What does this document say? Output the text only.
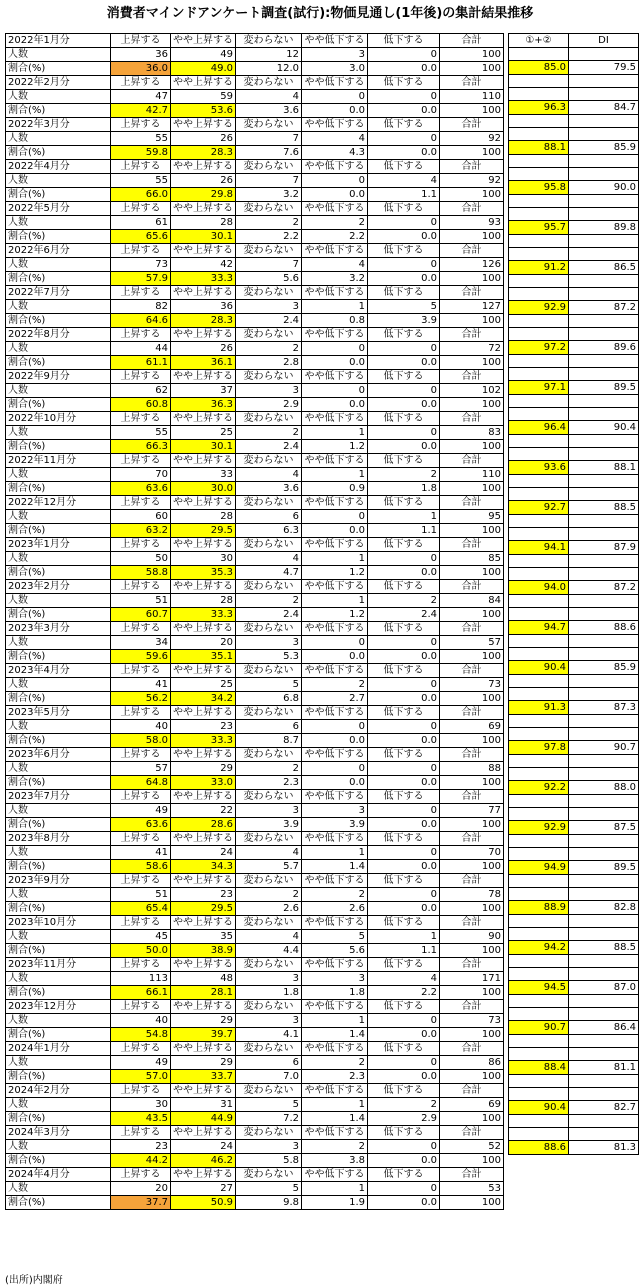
消費者マインドアンケート調査(試行):物価見通し(1年後)の集計結果推移
2022年1月分	上昇する	やや上昇する	変わらない	やや低下する	低下する	合計
人数	36	49	12	3	0	100
割合(%)	36.0	49.0	12.0	3.0	0.0	100
2022年2月分	上昇する	やや上昇する	変わらない	やや低下する	低下する	合計
人数	47	59	4	0	0	110
割合(%)	42.7	53.6	3.6	0.0	0.0	100
2022年3月分	上昇する	やや上昇する	変わらない	やや低下する	低下する	合計
人数	55	26	7	4	0	92
割合(%)	59.8	28.3	7.6	4.3	0.0	100
2022年4月分	上昇する	やや上昇する	変わらない	やや低下する	低下する	合計
人数	55	26	7	0	4	92
割合(%)	66.0	29.8	3.2	0.0	1.1	100
2022年5月分	上昇する	やや上昇する	変わらない	やや低下する	低下する	合計
人数	61	28	2	2	0	93
割合(%)	65.6	30.1	2.2	2.2	0.0	100
2022年6月分	上昇する	やや上昇する	変わらない	やや低下する	低下する	合計
人数	73	42	7	4	0	126
割合(%)	57.9	33.3	5.6	3.2	0.0	100
2022年7月分	上昇する	やや上昇する	変わらない	やや低下する	低下する	合計
人数	82	36	3	1	5	127
割合(%)	64.6	28.3	2.4	0.8	3.9	100
2022年8月分	上昇する	やや上昇する	変わらない	やや低下する	低下する	合計
人数	44	26	2	0	0	72
割合(%)	61.1	36.1	2.8	0.0	0.0	100
2022年9月分	上昇する	やや上昇する	変わらない	やや低下する	低下する	合計
人数	62	37	3	0	0	102
割合(%)	60.8	36.3	2.9	0.0	0.0	100
2022年10月分	上昇する	やや上昇する	変わらない	やや低下する	低下する	合計
人数	55	25	2	1	0	83
割合(%)	66.3	30.1	2.4	1.2	0.0	100
2022年11月分	上昇する	やや上昇する	変わらない	やや低下する	低下する	合計
人数	70	33	4	1	2	110
割合(%)	63.6	30.0	3.6	0.9	1.8	100
2022年12月分	上昇する	やや上昇する	変わらない	やや低下する	低下する	合計
人数	60	28	6	0	1	95
割合(%)	63.2	29.5	6.3	0.0	1.1	100
2023年1月分	上昇する	やや上昇する	変わらない	やや低下する	低下する	合計
人数	50	30	4	1	0	85
割合(%)	58.8	35.3	4.7	1.2	0.0	100
2023年2月分	上昇する	やや上昇する	変わらない	やや低下する	低下する	合計
人数	51	28	2	1	2	84
割合(%)	60.7	33.3	2.4	1.2	2.4	100
2023年3月分	上昇する	やや上昇する	変わらない	やや低下する	低下する	合計
人数	34	20	3	0	0	57
割合(%)	59.6	35.1	5.3	0.0	0.0	100
2023年4月分	上昇する	やや上昇する	変わらない	やや低下する	低下する	合計
人数	41	25	5	2	0	73
割合(%)	56.2	34.2	6.8	2.7	0.0	100
2023年5月分	上昇する	やや上昇する	変わらない	やや低下する	低下する	合計
人数	40	23	6	0	0	69
割合(%)	58.0	33.3	8.7	0.0	0.0	100
2023年6月分	上昇する	やや上昇する	変わらない	やや低下する	低下する	合計
人数	57	29	2	0	0	88
割合(%)	64.8	33.0	2.3	0.0	0.0	100
2023年7月分	上昇する	やや上昇する	変わらない	やや低下する	低下する	合計
人数	49	22	3	3	0	77
割合(%)	63.6	28.6	3.9	3.9	0.0	100
2023年8月分	上昇する	やや上昇する	変わらない	やや低下する	低下する	合計
人数	41	24	4	1	0	70
割合(%)	58.6	34.3	5.7	1.4	0.0	100
2023年9月分	上昇する	やや上昇する	変わらない	やや低下する	低下する	合計
人数	51	23	2	2	0	78
割合(%)	65.4	29.5	2.6	2.6	0.0	100
2023年10月分	上昇する	やや上昇する	変わらない	やや低下する	低下する	合計
人数	45	35	4	5	1	90
割合(%)	50.0	38.9	4.4	5.6	1.1	100
2023年11月分	上昇する	やや上昇する	変わらない	やや低下する	低下する	合計
人数	113	48	3	3	4	171
割合(%)	66.1	28.1	1.8	1.8	2.2	100
2023年12月分	上昇する	やや上昇する	変わらない	やや低下する	低下する	合計
人数	40	29	3	1	0	73
割合(%)	54.8	39.7	4.1	1.4	0.0	100
2024年1月分	上昇する	やや上昇する	変わらない	やや低下する	低下する	合計
人数	49	29	6	2	0	86
割合(%)	57.0	33.7	7.0	2.3	0.0	100
2024年2月分	上昇する	やや上昇する	変わらない	やや低下する	低下する	合計
人数	30	31	5	1	2	69
割合(%)	43.5	44.9	7.2	1.4	2.9	100
2024年3月分	上昇する	やや上昇する	変わらない	やや低下する	低下する	合計
人数	23	24	3	2	0	52
割合(%)	44.2	46.2	5.8	3.8	0.0	100
2024年4月分	上昇する	やや上昇する	変わらない	やや低下する	低下する	合計
人数	20	27	5	1	0	53
割合(%)	37.7	50.9	9.8	1.9	0.0	100
①+②	DI

85.0	79.5

96.3	84.7

88.1	85.9

95.8	90.0

95.7	89.8

91.2	86.5

92.9	87.2

97.2	89.6

97.1	89.5

96.4	90.4

93.6	88.1

92.7	88.5

94.1	87.9

94.0	87.2

94.7	88.6

90.4	85.9

91.3	87.3

97.8	90.7

92.2	88.0

92.9	87.5

94.9	89.5

88.9	82.8

94.2	88.5

94.5	87.0

90.7	86.4

88.4	81.1

90.4	82.7

88.6	81.3
(出所)内閣府
